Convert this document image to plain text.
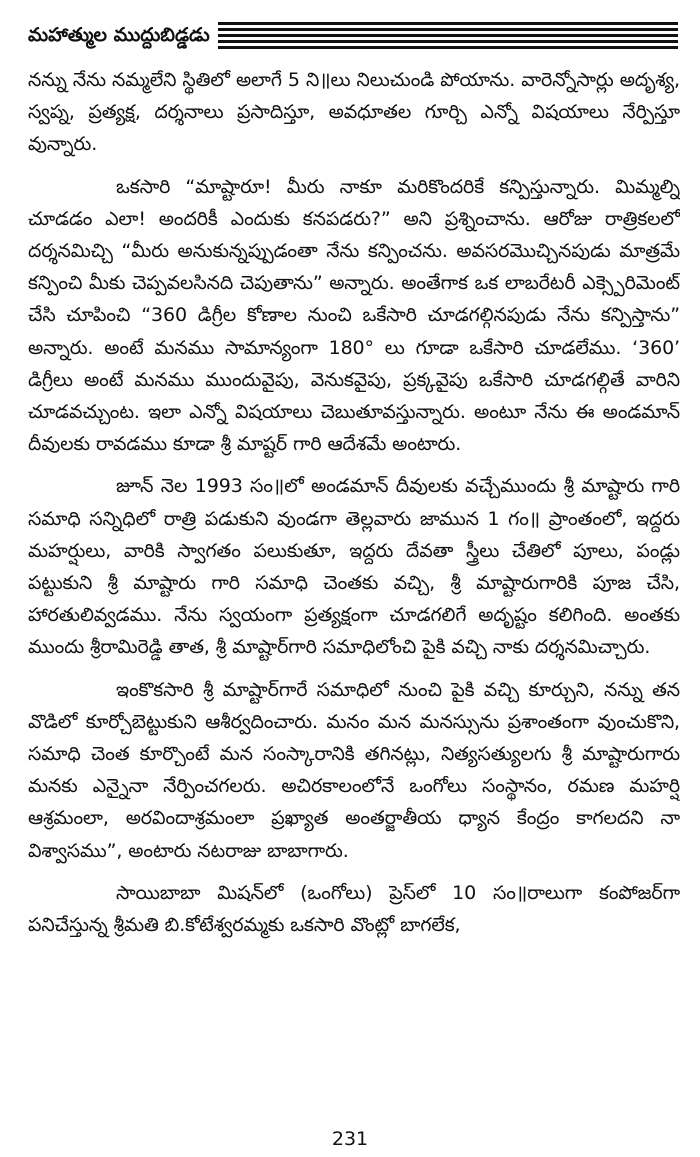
మహాత్ముల ముద్దుబిడ్డడు

నన్ను నేను నమ్మలేని స్థితిలో అలాగే 5 ని॥లు నిలుచుండి పోయాను. వారెన్నోసార్లు అదృశ్య, స్వప్న, ప్రత్యక్ష, దర్శనాలు ప్రసాదిస్తూ, అవధూతల గూర్చి ఎన్నో విషయాలు నేర్పిస్తూ వున్నారు.

ఒకసారి “మాష్టారూ! మీరు నాకూ మరికొందరికే కన్పిస్తున్నారు. మిమ్మల్ని చూడడం ఎలా! అందరికీ ఎందుకు కనపడరు?” అని ప్రశ్నించాను. ఆరోజు రాత్రికలలో దర్శనమిచ్చి “మీరు అనుకున్నప్పుడంతా నేను కన్పించను. అవసరమొచ్చినపుడు మాత్రమే కన్పించి మీకు చెప్పవలసినది చెపుతాను” అన్నారు. అంతేగాక ఒక లాబరేటరీ ఎక్స్పెరిమెంట్ చేసి చూపించి “360 డిగ్రీల కోణాల నుంచి ఒకేసారి చూడగల్గినపుడు నేను కన్పిస్తాను” అన్నారు. అంటే మనము సామాన్యంగా 180° లు గూడా ఒకేసారి చూడలేము. ‘360’ డిగ్రీలు అంటే మనము ముందువైపు, వెనుకవైపు, ప్రక్కవైపు ఒకేసారి చూడగల్గితే వారిని చూడవచ్చుంట. ఇలా ఎన్నో విషయాలు చెబుతూవస్తున్నారు. అంటూ నేను ఈ అండమాన్ దీవులకు రావడము కూడా శ్రీ మాష్టర్ గారి ఆదేశమే అంటారు.

జూన్ నెల 1993 సం॥లో అండమాన్ దీవులకు వచ్చేముందు శ్రీ మాష్టారు గారి సమాధి సన్నిధిలో రాత్రి పడుకుని వుండగా తెల్లవారు జామున 1 గం॥ ప్రాంతంలో, ఇద్దరు మహర్షులు, వారికి స్వాగతం పలుకుతూ, ఇద్దరు దేవతా స్త్రీలు చేతిలో పూలు, పండ్లు పట్టుకుని శ్రీ మాష్టారు గారి సమాధి చెంతకు వచ్చి, శ్రీ మాష్టారుగారికి పూజ చేసి, హారతులివ్వడము. నేను స్వయంగా ప్రత్యక్షంగా చూడగలిగే అదృష్టం కలిగింది. అంతకు ముందు శ్రీరామిరెడ్డి తాత, శ్రీ మాష్టార్‌గారి సమాధిలోంచి పైకి వచ్చి నాకు దర్శనమిచ్చారు.

ఇంకొకసారి శ్రీ మాష్టార్‌గారే సమాధిలో నుంచి పైకి వచ్చి కూర్చుని, నన్ను తన వొడిలో కూర్చోబెట్టుకుని ఆశీర్వదించారు. మనం మన మనస్సును ప్రశాంతంగా వుంచుకొని, సమాధి చెంత కూర్చొంటే మన సంస్కారానికి తగినట్లు, నిత్యసత్యులగు శ్రీ మాష్టారుగారు మనకు ఎన్నైనా నేర్పించగలరు. అచిరకాలంలోనే ఒంగోలు సంస్థానం, రమణ మహర్షి ఆశ్రమంలా, అరవిందాశ్రమంలా ప్రఖ్యాత అంతర్జాతీయ ధ్యాన కేంద్రం కాగలదని నా విశ్వాసము”, అంటారు నటరాజు బాబాగారు.

సాయిబాబా మిషన్‌లో (ఒంగోలు) ప్రెస్‌లో 10 సం॥రాలుగా కంపోజర్‌గా పనిచేస్తున్న శ్రీమతి బి.కోటేశ్వరమ్మకు ఒకసారి వొంట్లో బాగలేక,

231
